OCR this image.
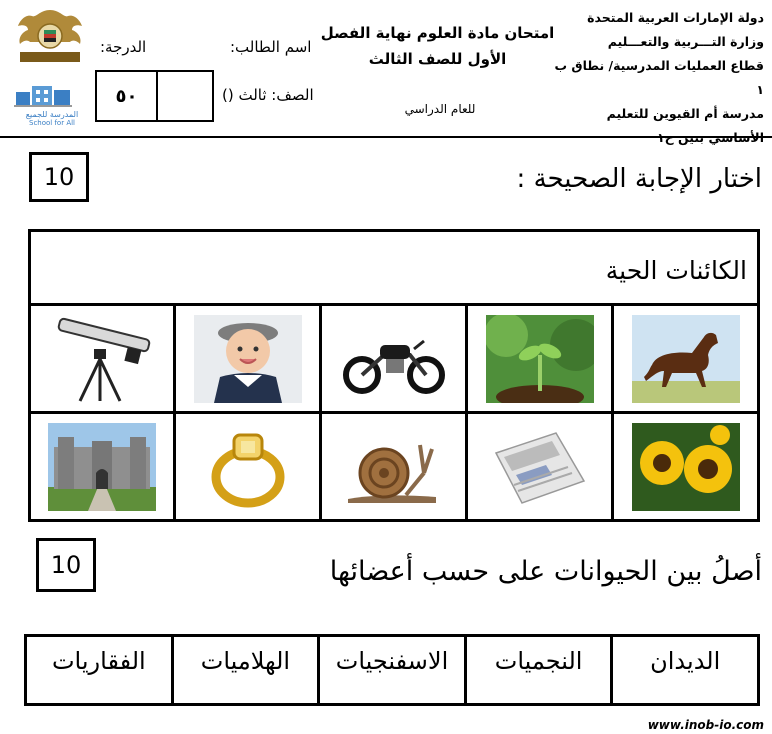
دولة الإمارات العربية المتحدة
وزارة التـــربية والتعـــليم
قطاع العمليات المدرسية/ نطاق ب ١
مدرسة أم القيوين للتعليم
امتحان مادة العلوم نهاية الفصل
الأول للصف الثالث
للعام الدراسي
اسم الطالب:
الصف: ثالث ()
الدرجة:
٥٠
المدرسة للجميع
School for All
10	اختار الإجابة الصحيحة :
الكائنات الحية
10	أصلُ بين الحيوانات على حسب أعضائها
الديدان
النجميات
الاسفنجيات
الهلاميات
الفقاريات
www.inob-io.com
